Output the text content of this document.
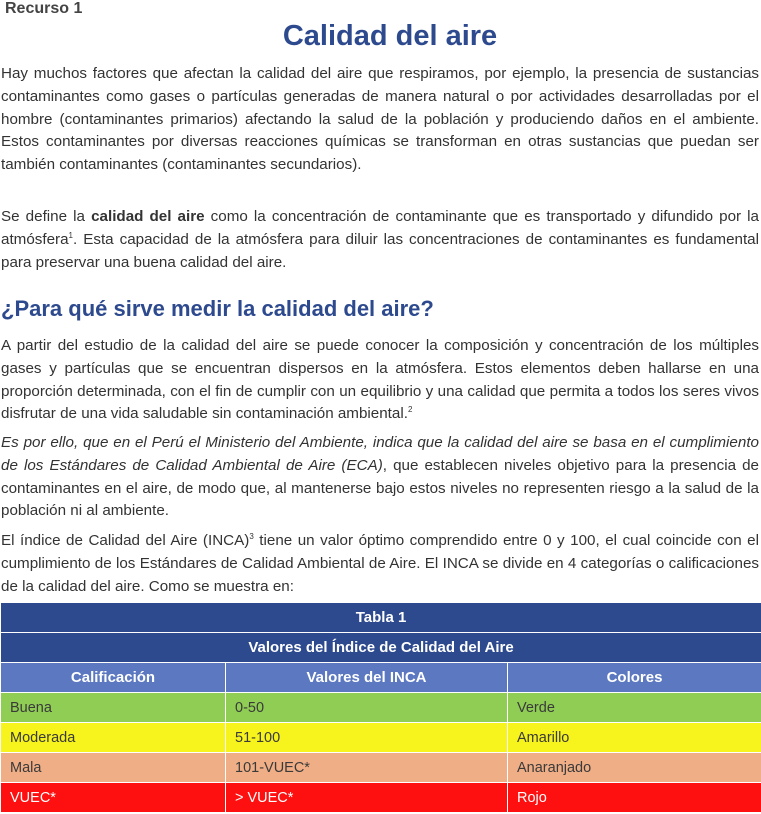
Recurso 1
Calidad del aire

Hay muchos factores que afectan la calidad del aire que respiramos, por ejemplo, la presencia de sustancias contaminantes como gases o partículas generadas de manera natural o por actividades desarrolladas por el hombre (contaminantes primarios) afectando la salud de la población y produciendo daños en el ambiente. Estos contaminantes por diversas reacciones químicas se transforman en otras sustancias que puedan ser también contaminantes (contaminantes secundarios).

Se define la calidad del aire como la concentración de contaminante que es transportado y difundido por la atmósfera$^1$. Esta capacidad de la atmósfera para diluir las concentraciones de contaminantes es fundamental para preservar una buena calidad del aire.

¿Para qué sirve medir la calidad del aire?

A partir del estudio de la calidad del aire se puede conocer la composición y concentración de los múltiples gases y partículas que se encuentran dispersos en la atmósfera. Estos elementos deben hallarse en una proporción determinada, con el fin de cumplir con un equilibrio y una calidad que permita a todos los seres vivos disfrutar de una vida saludable sin contaminación ambiental.$^2$

Es por ello, que en el Perú el Ministerio del Ambiente, indica que la calidad del aire se basa en el cumplimiento de los Estándares de Calidad Ambiental de Aire (ECA), que establecen niveles objetivo para la presencia de contaminantes en el aire, de modo que, al mantenerse bajo estos niveles no representen riesgo a la salud de la población ni al ambiente.

El índice de Calidad del Aire (INCA)$^3$ tiene un valor óptimo comprendido entre 0 y 100, el cual coincide con el cumplimiento de los Estándares de Calidad Ambiental de Aire. El INCA se divide en 4 categorías o calificaciones de la calidad del aire. Como se muestra en:

Tabla 1		
Valores del Índice de Calidad del Aire		
Calificación	Valores del INCA	Colores
Buena	0-50	Verde
Moderada	51-100	Amarillo
Mala	101-VUEC*	Anaranjado
VUEC*	> VUEC*	Rojo
